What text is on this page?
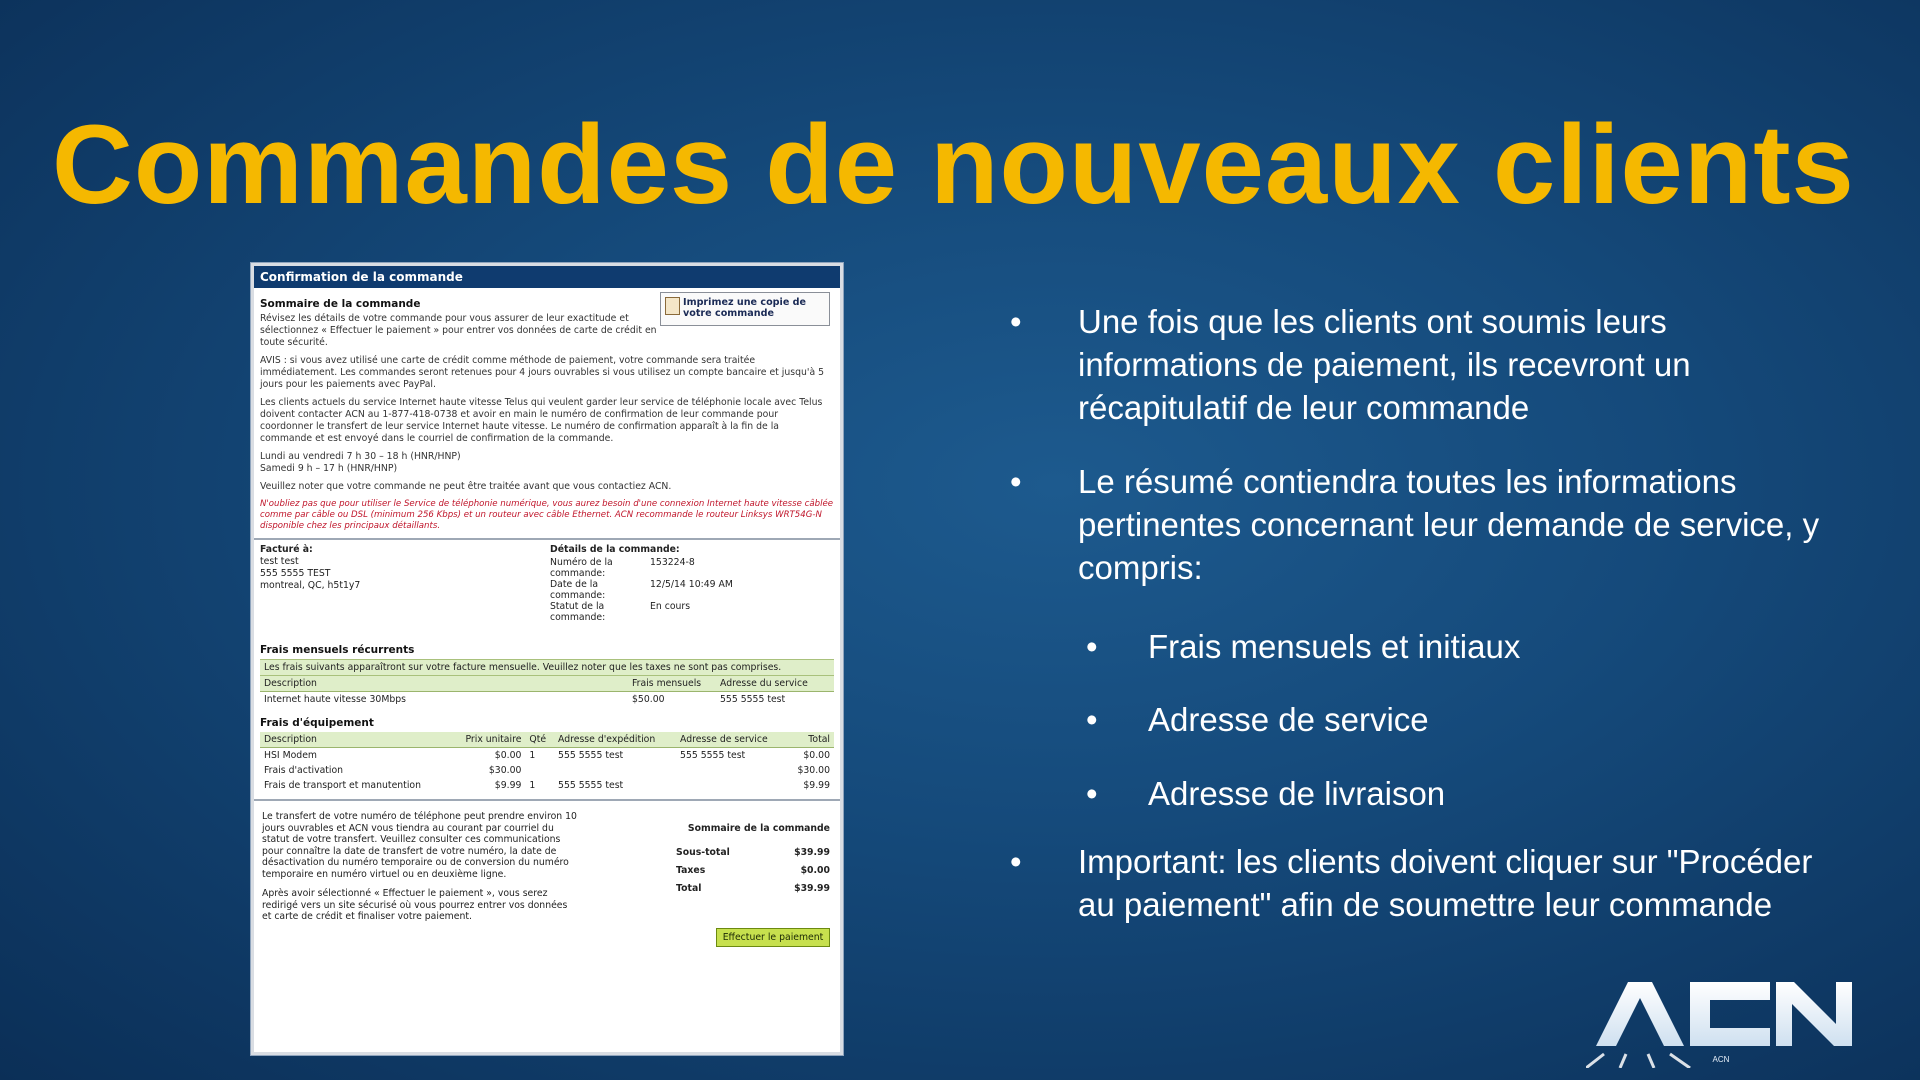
Commandes de nouveaux clients
Confirmation de la commande
Imprimez une copie de votre commande
Sommaire de la commande

Révisez les détails de votre commande pour vous assurer de leur exactitude et sélectionnez « Effectuer le paiement » pour entrer vos données de carte de crédit en toute sécurité.

AVIS : si vous avez utilisé une carte de crédit comme méthode de paiement, votre commande sera traitée immédiatement. Les commandes seront retenues pour 4 jours ouvrables si vous utilisez un compte bancaire et jusqu'à 5 jours pour les paiements avec PayPal.

Les clients actuels du service Internet haute vitesse Telus qui veulent garder leur service de téléphonie locale avec Telus doivent contacter ACN au 1-877-418-0738 et avoir en main le numéro de confirmation de leur commande pour coordonner le transfert de leur service Internet haute vitesse. Le numéro de confirmation apparaît à la fin de la commande et est envoyé dans le courriel de confirmation de la commande.

Lundi au vendredi 7 h 30 – 18 h (HNR/HNP)

Samedi 9 h – 17 h (HNR/HNP)

Veuillez noter que votre commande ne peut être traitée avant que vous contactiez ACN.

N'oubliez pas que pour utiliser le Service de téléphonie numérique, vous aurez besoin d'une connexion Internet haute vitesse câblée comme par câble ou DSL (minimum 256 Kbps) et un routeur avec câble Ethernet. ACN recommande le routeur Linksys WRT54G-N disponible chez les principaux détaillants.

Facturé à:
test test
555 5555 TEST
montreal, QC, h5t1y7
Détails de la commande:
Numéro de la commande:
153224-8
Date de la commande:
12/5/14 10:49 AM
Statut de la commande:
En cours
Frais mensuels récurrents
Les frais suivants apparaîtront sur votre facture mensuelle. Veuillez noter que les taxes ne sont pas comprises.
Description	Frais mensuels	Adresse du service
Internet haute vitesse 30Mbps	$50.00	555 5555 test
Frais d'équipement
Description	Prix unitaire	Qté	Adresse d'expédition	Adresse de service	Total
HSI Modem	$0.00	1	555 5555 test	555 5555 test	$0.00
Frais d'activation	$30.00				$30.00
Frais de transport et manutention	$9.99	1	555 5555 test		$9.99
Le transfert de votre numéro de téléphone peut prendre environ 10 jours ouvrables et ACN vous tiendra au courant par courriel du statut de votre transfert. Veuillez consulter ces communications pour connaître la date de transfert de votre numéro, la date de désactivation du numéro temporaire ou de conversion du numéro temporaire en numéro virtuel ou en deuxième ligne.
Après avoir sélectionné « Effectuer le paiement », vous serez redirigé vers un site sécurisé où vous pourrez entrer vos données et carte de crédit et finaliser votre paiement.
Sommaire de la commande
Sous-total	$39.99
Taxes	$0.00
Total	$39.99
Effectuer le paiement
• Une fois que les clients ont soumis leurs informations de paiement, ils recevront un récapitulatif de leur commande
• Le résumé contiendra toutes les informations pertinentes concernant leur demande de service, y compris:
• Frais mensuels et initiaux
• Adresse de service
• Adresse de livraison
• Important: les clients doivent cliquer sur "Procéder au paiement" afin de soumettre leur commande
ACN
